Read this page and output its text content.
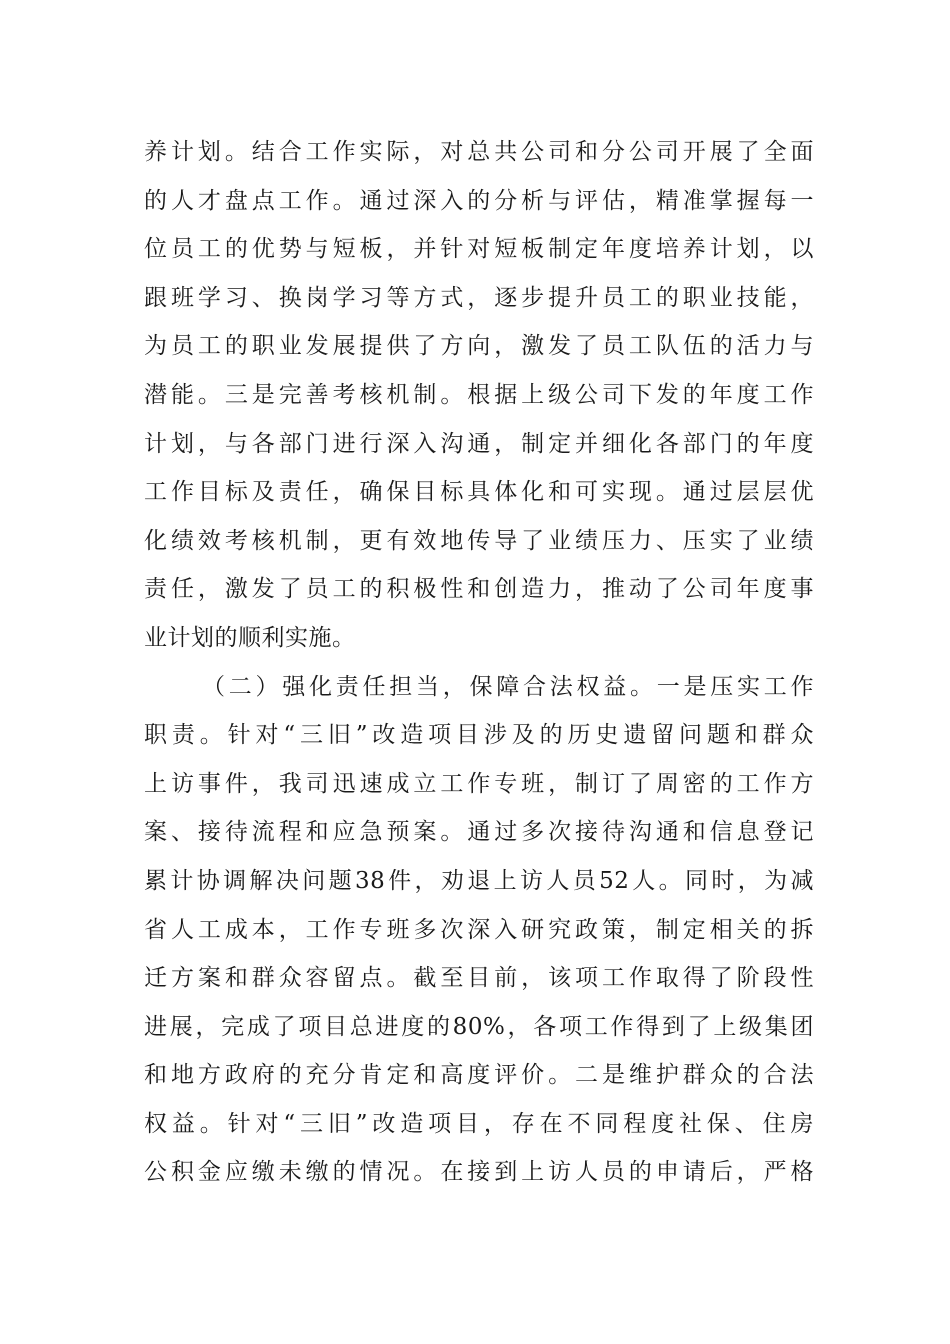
养计划。结合工作实际，对总共公司和分公司开展了全面
的人才盘点工作。通过深入的分析与评估，精准掌握每一
位员工的优势与短板，并针对短板制定年度培养计划，以
跟班学习、换岗学习等方式，逐步提升员工的职业技能，
为员工的职业发展提供了方向，激发了员工队伍的活力与
潜能。三是完善考核机制。根据上级公司下发的年度工作
计划，与各部门进行深入沟通，制定并细化各部门的年度
工作目标及责任，确保目标具体化和可实现。通过层层优
化绩效考核机制，更有效地传导了业绩压力、压实了业绩
责任，激发了员工的积极性和创造力，推动了公司年度事
业计划的顺利实施。
（二）强化责任担当，保障合法权益。一是压实工作
职责。针对“三旧”改造项目涉及的历史遗留问题和群众
上访事件，我司迅速成立工作专班，制订了周密的工作方
案、接待流程和应急预案。通过多次接待沟通和信息登记
累计协调解决问题38件，劝退上访人员52人。同时，为减
省人工成本，工作专班多次深入研究政策，制定相关的拆
迁方案和群众容留点。截至目前，该项工作取得了阶段性
进展，完成了项目总进度的80%，各项工作得到了上级集团
和地方政府的充分肯定和高度评价。二是维护群众的合法
权益。针对“三旧”改造项目，存在不同程度社保、住房
公积金应缴未缴的情况。在接到上访人员的申请后，严格
